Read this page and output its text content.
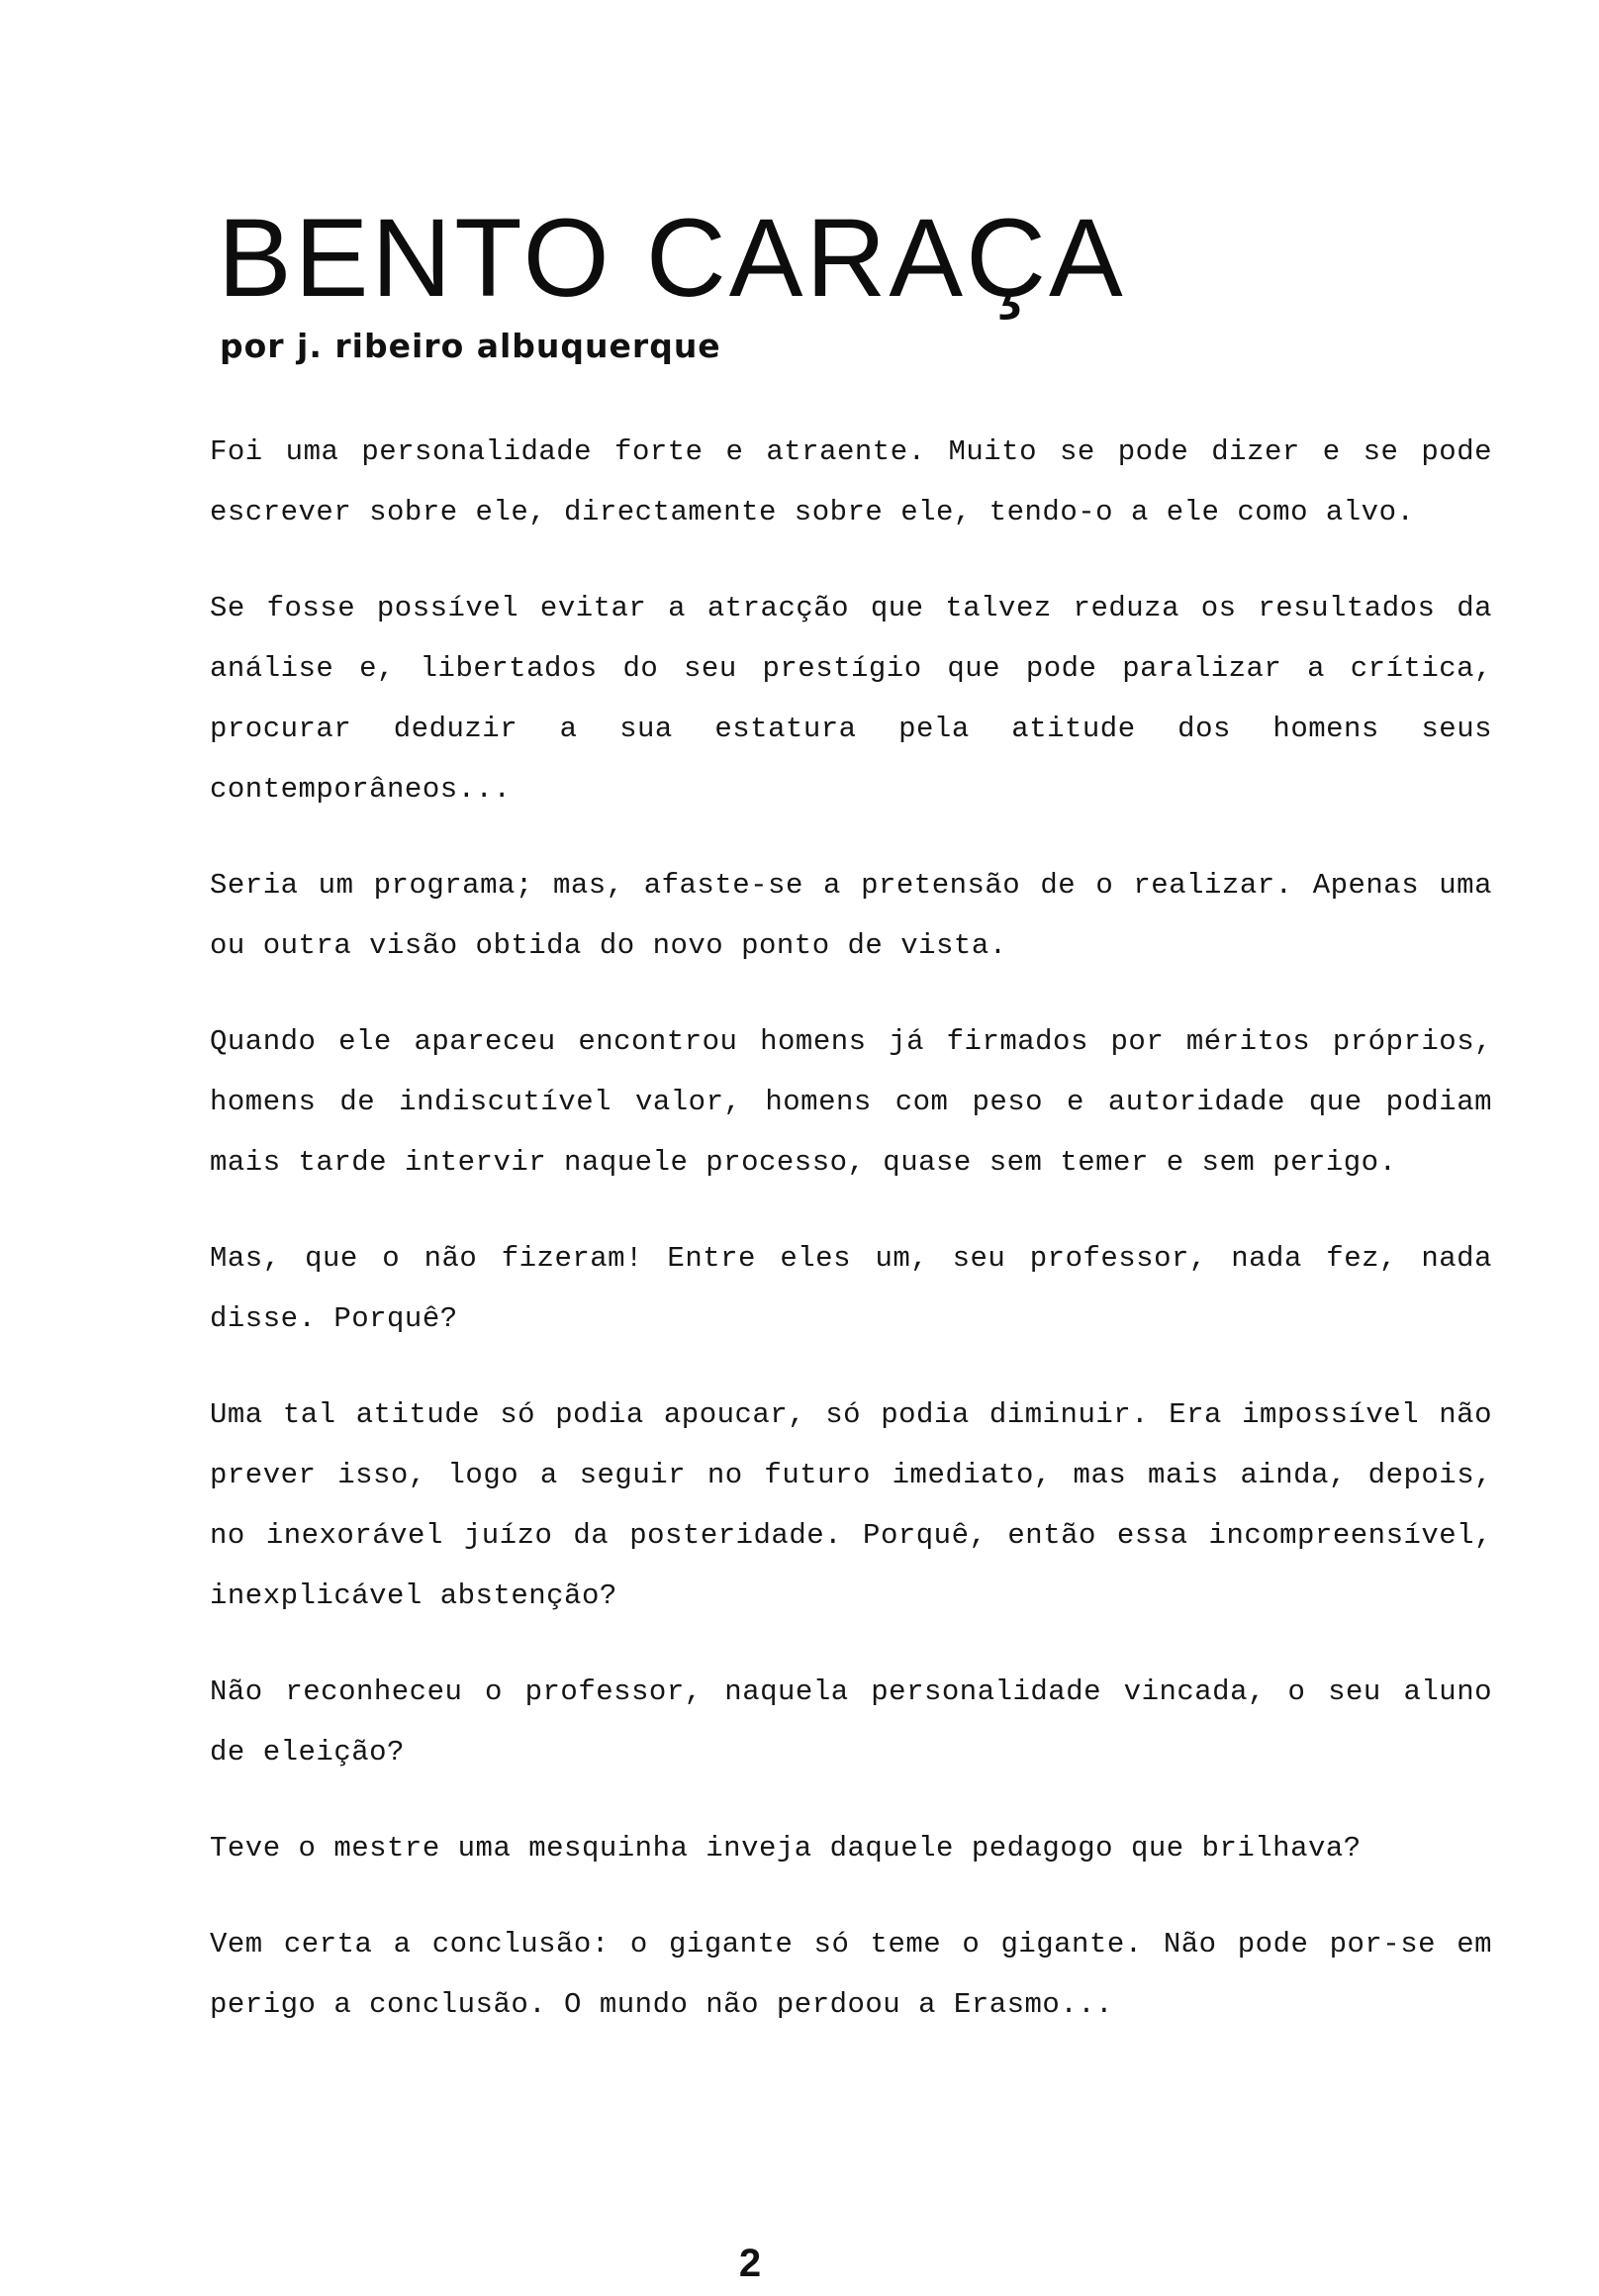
BENTO CARAÇA

por j. ribeiro albuquerque

Foi uma personalidade forte e atraente. Muito se pode dizer e se pode escrever sobre ele, directamente sobre ele, tendo-o a ele como alvo.

Se fosse possível evitar a atracção que talvez reduza os resultados da análise e, libertados do seu prestígio que pode paralizar a crítica, procurar deduzir a sua estatura pela atitude dos homens seus contemporâneos...

Seria um programa; mas, afaste-se a pretensão de o realizar. Apenas uma ou outra visão obtida do novo ponto de vista.

Quando ele apareceu encontrou homens já firmados por méritos próprios, homens de indiscutível valor, homens com peso e autoridade que podiam mais tarde intervir naquele processo, quase sem temer e sem perigo.

Mas, que o não fizeram! Entre eles um, seu professor, nada fez, nada disse. Porquê?

Uma tal atitude só podia apoucar, só podia diminuir. Era impossível não prever isso, logo a seguir no futuro imediato, mas mais ainda, depois, no inexorável juízo da posteridade. Porquê, então essa incompreensível, inexplicável abstenção?

Não reconheceu o professor, naquela personalidade vincada, o seu aluno de eleição?

Teve o mestre uma mesquinha inveja daquele pedagogo que brilhava?

Vem certa a conclusão: o gigante só teme o gigante. Não pode por-se em perigo a conclusão. O mundo não perdoou a Erasmo...

2
